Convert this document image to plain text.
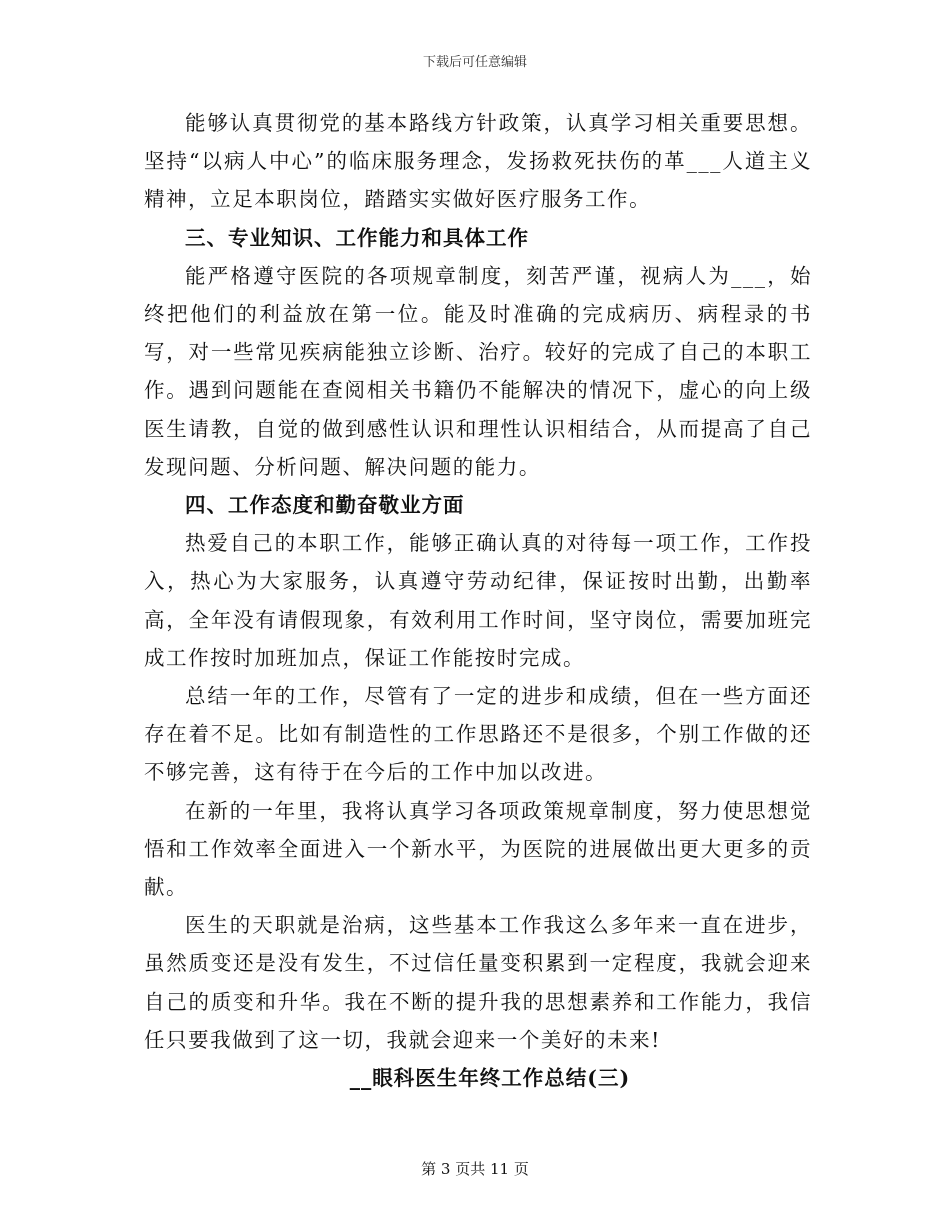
下载后可任意编辑

能够认真贯彻党的基本路线方针政策，认真学习相关重要思想。坚持“以病人中心”的临床服务理念，发扬救死扶伤的革___人道主义精神，立足本职岗位，踏踏实实做好医疗服务工作。

三、专业知识、工作能力和具体工作

能严格遵守医院的各项规章制度，刻苦严谨，视病人为___，始终把他们的利益放在第一位。能及时准确的完成病历、病程录的书写，对一些常见疾病能独立诊断、治疗。较好的完成了自己的本职工作。遇到问题能在查阅相关书籍仍不能解决的情况下，虚心的向上级医生请教，自觉的做到感性认识和理性认识相结合，从而提高了自己发现问题、分析问题、解决问题的能力。

四、工作态度和勤奋敬业方面

热爱自己的本职工作，能够正确认真的对待每一项工作，工作投入，热心为大家服务，认真遵守劳动纪律，保证按时出勤，出勤率高，全年没有请假现象，有效利用工作时间，坚守岗位，需要加班完成工作按时加班加点，保证工作能按时完成。

总结一年的工作，尽管有了一定的进步和成绩，但在一些方面还存在着不足。比如有制造性的工作思路还不是很多，个别工作做的还不够完善，这有待于在今后的工作中加以改进。

在新的一年里，我将认真学习各项政策规章制度，努力使思想觉悟和工作效率全面进入一个新水平，为医院的进展做出更大更多的贡献。

医生的天职就是治病，这些基本工作我这么多年来一直在进步，虽然质变还是没有发生，不过信任量变积累到一定程度，我就会迎来自己的质变和升华。我在不断的提升我的思想素养和工作能力，我信任只要我做到了这一切，我就会迎来一个美好的未来!

__眼科医生年终工作总结(三)

第 3 页共 11 页
